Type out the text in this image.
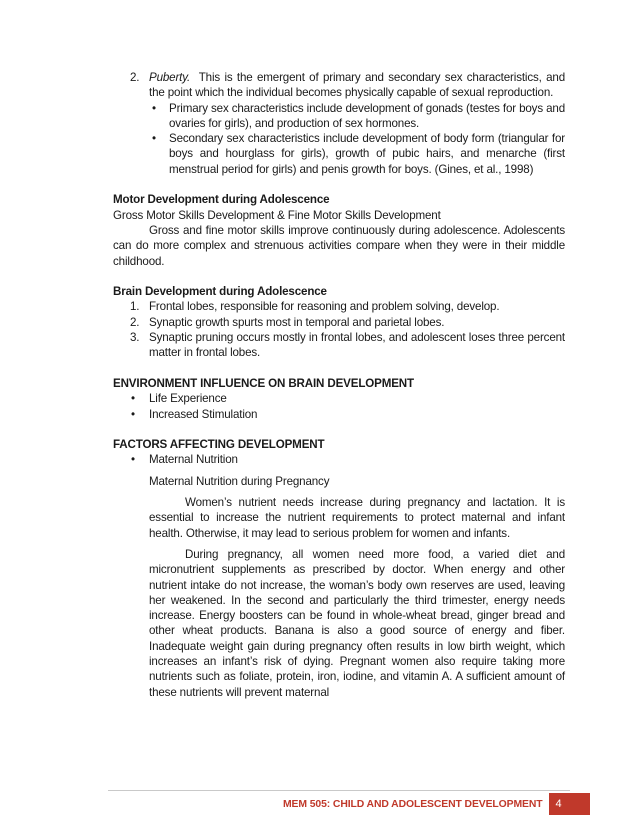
2. Puberty. This is the emergent of primary and secondary sex characteristics, and the point which the individual becomes physically capable of sexual reproduction.

• Primary sex characteristics include development of gonads (testes for boys and ovaries for girls), and production of sex hormones.
• Secondary sex characteristics include development of body form (triangular for boys and hourglass for girls), growth of pubic hairs, and menarche (first menstrual period for girls) and penis growth for boys. (Gines, et al., 1998)
Motor Development during Adolescence

Gross Motor Skills Development & Fine Motor Skills Development

Gross and fine motor skills improve continuously during adolescence. Adolescents can do more complex and strenuous activities compare when they were in their middle childhood.

Brain Development during Adolescence
1. Frontal lobes, responsible for reasoning and problem solving, develop.

2. Synaptic growth spurts most in temporal and parietal lobes.

3. Synaptic pruning occurs mostly in frontal lobes, and adolescent loses three percent matter in frontal lobes.

ENVIRONMENT INFLUENCE ON BRAIN DEVELOPMENT
• Life Experience
• Increased Stimulation
FACTORS AFFECTING DEVELOPMENT
• Maternal Nutrition

Maternal Nutrition during Pregnancy

Women’s nutrient needs increase during pregnancy and lactation. It is essential to increase the nutrient requirements to protect maternal and infant health. Otherwise, it may lead to serious problem for women and infants.

During pregnancy, all women need more food, a varied diet and micronutrient supplements as prescribed by doctor. When energy and other nutrient intake do not increase, the woman’s body own reserves are used, leaving her weakened. In the second and particularly the third trimester, energy needs increase. Energy boosters can be found in whole-wheat bread, ginger bread and other wheat products. Banana is also a good source of energy and fiber. Inadequate weight gain during pregnancy often results in low birth weight, which increases an infant’s risk of dying. Pregnant women also require taking more nutrients such as foliate, protein, iron, iodine, and vitamin A. A sufficient amount of these nutrients will prevent maternal

MEM 505: CHILD AND ADOLESCENT DEVELOPMENT	4
